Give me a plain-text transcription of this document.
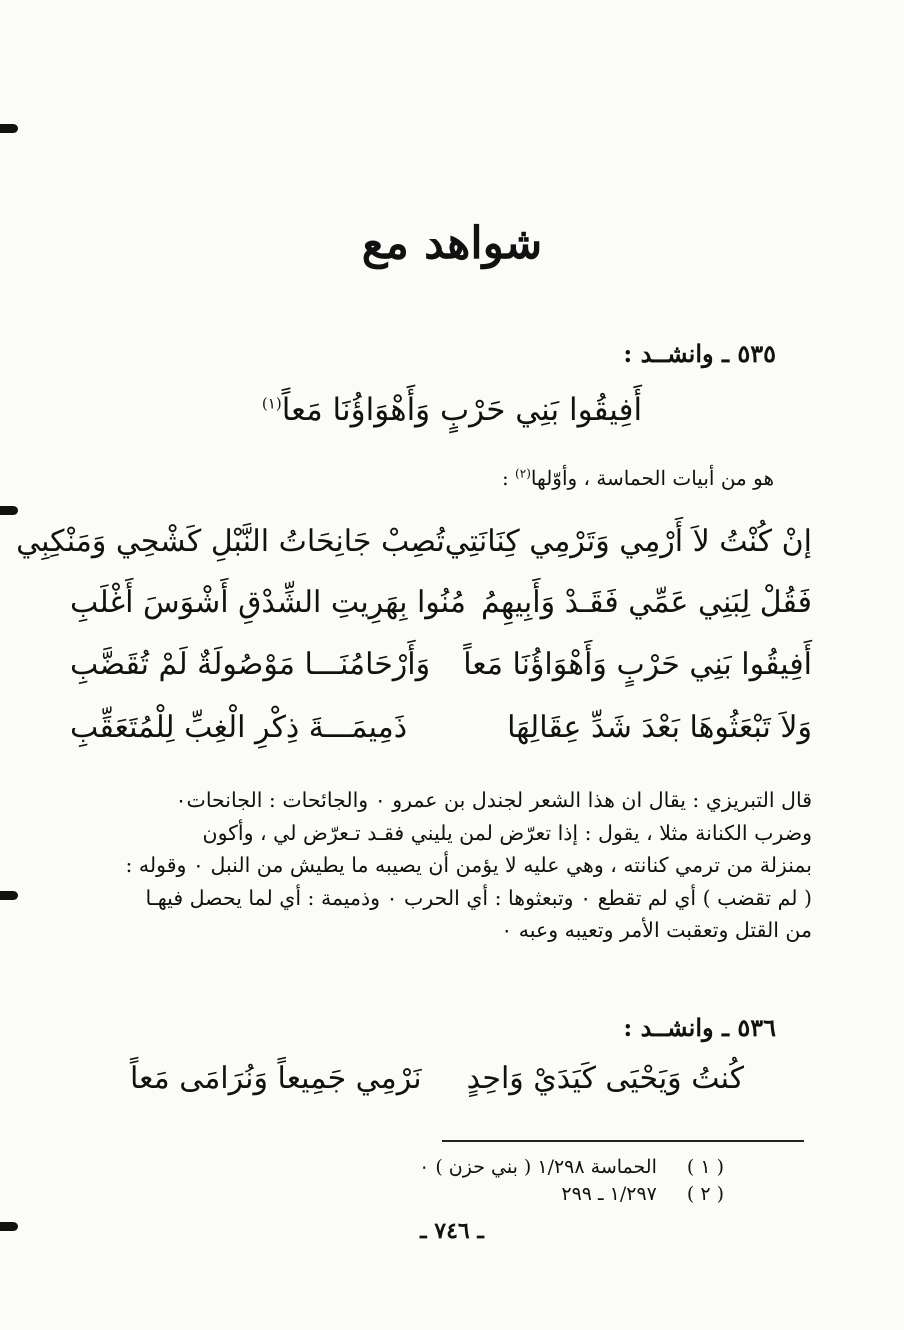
شواهد مع
٥٣٥ ـ وانشــد :
أَفِيقُوا بَنِي حَرْبٍ وَأَهْوَاؤُنَا مَعاً$^{(١)}$
هو من أبيات الحماسة ، وأوّلها$^{(٢)}$ :
إنْ كُنْتُ لاَ أَرْمِي وَتَرْمِي كِنَانَتِي
تُصِبْ جَانِحَاتُ النَّبْلِ كَشْحِي وَمَنْكِبِي
فَقُلْ لِبَنِي عَمِّي فَقَـدْ وَأَبِيهِمُ
مُنُوا بِهَرِيتِ الشِّدْقِ أَشْوَسَ أَغْلَبِ
أَفِيقُوا بَنِي حَرْبٍ وَأَهْوَاؤُنَا مَعاً
وَأَرْحَامُنَـــا مَوْصُولَةٌ لَمْ تُقَضَّبِ
وَلاَ تَبْعَثُوهَا بَعْدَ شَدِّ عِقَالِهَا
ذَمِيمَـــةَ ذِكْرِ الْغِبِّ لِلْمُتَعَقِّبِ
قال التبريزي : يقال ان هذا الشعر لجندل بن عمرو ٠ والجائحات : الجانحات٠
وضرب الكنانة مثلا ، يقول : إذا تعرّض لمن يليني فقـد تـعرّض لي ، وأكون
بمنزلة من ترمي كنانته ، وهي عليه لا يؤمن أن يصيبه ما يطيش من النبل ٠ وقوله :
( لم تقضب ) أي لم تقطع ٠ وتبعثوها : أي الحرب ٠ وذميمة : أي لما يحصل فيهـا
من القتل وتعقبت الأمر وتعيبه وعبه ٠
٥٣٦ ـ وانشــد :
كُنتُ وَيَحْيَى كَيَدَيْ وَاحِدٍ
نَرْمِي جَمِيعاً وَنُرَامَى مَعاً
( ١ )
الحماسة ١/٢٩٨ ( بني حزن ) ٠
( ٢ )
١/٢٩٧ ـ ٢٩٩
ـ ٧٤٦ ـ
